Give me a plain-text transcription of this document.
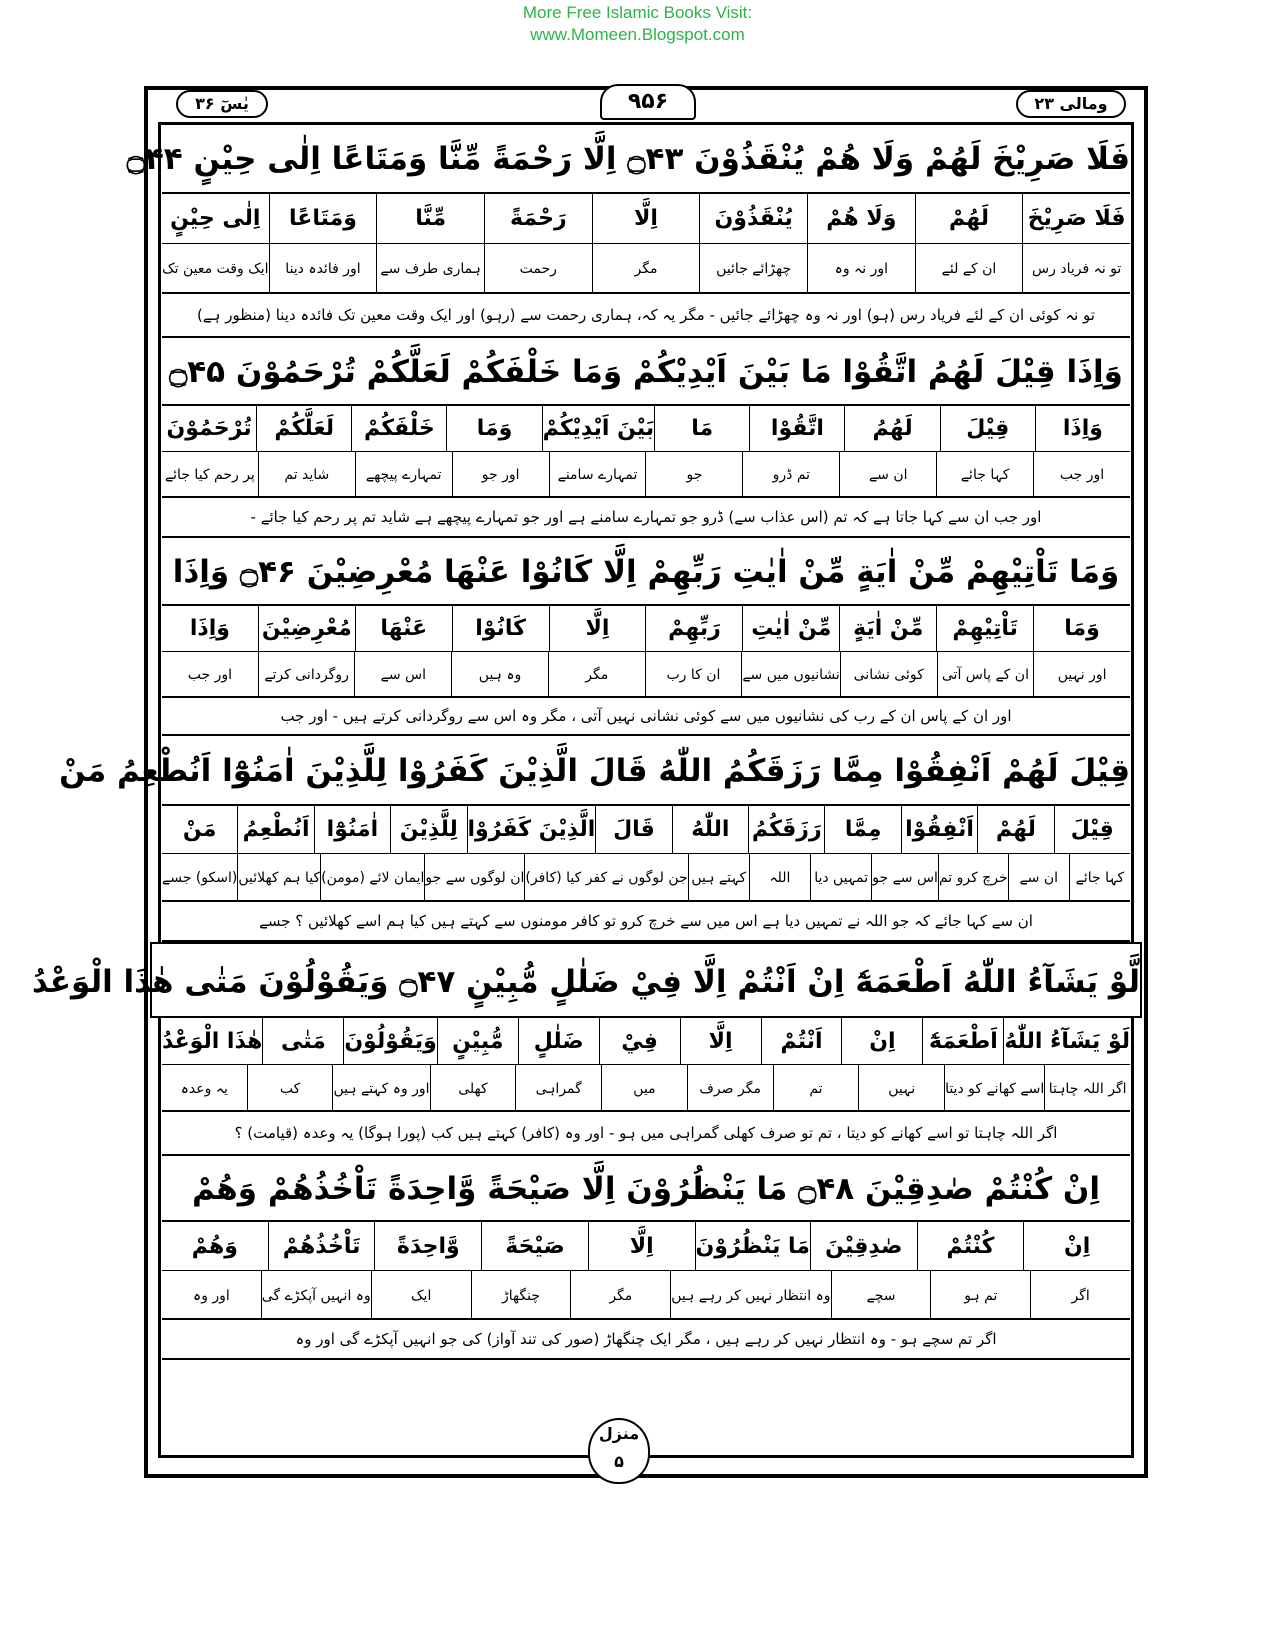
More Free Islamic Books Visit:
www.Momeen.Blogspot.com
یٰسٓ ۳۶	۹۵۶	ومالی ۲۳
فَلَا صَرِيْخَ لَهُمْ وَلَا هُمْ يُنْقَذُوْنَ ۝۴۳ اِلَّا رَحْمَةً مِّنَّا وَمَتَاعًا اِلٰى حِيْنٍ ۝۴۴
فَلَا صَرِيْخَ
لَهُمْ
وَلَا هُمْ
يُنْقَذُوْنَ
اِلَّا
رَحْمَةً
مِّنَّا
وَمَتَاعًا
اِلٰى حِيْنٍ
تو نہ فریاد رس
ان کے لئے
اور نہ وہ
چھڑائے جائیں
مگر
رحمت
ہماری طرف سے
اور فائدہ دینا
ایک وقت معین تک
تو نہ کوئی ان کے لئے فریاد رس (ہو) اور نہ وہ چھڑائے جائیں - مگر یہ کہ، ہماری رحمت سے (رہو) اور ایک وقت معین تک فائدہ دینا (منظور ہے)
وَاِذَا قِيْلَ لَهُمُ اتَّقُوْا مَا بَيْنَ اَيْدِيْكُمْ وَمَا خَلْفَكُمْ لَعَلَّكُمْ تُرْحَمُوْنَ ۝۴۵
وَاِذَا
قِيْلَ
لَهُمُ
اتَّقُوْا
مَا
بَيْنَ اَيْدِيْكُمْ
وَمَا
خَلْفَكُمْ
لَعَلَّكُمْ
تُرْحَمُوْنَ
اور جب
کہا جائے
ان سے
تم ڈرو
جو
تمہارے سامنے
اور جو
تمہارے پیچھے
شاید تم
پر رحم کیا جائے
اور جب ان سے کہا جاتا ہے کہ تم (اس عذاب سے) ڈرو جو تمہارے سامنے ہے اور جو تمہارے پیچھے ہے شاید تم پر رحم کیا جائے -
وَمَا تَاْتِيْهِمْ مِّنْ اٰيَةٍ مِّنْ اٰيٰتِ رَبِّهِمْ اِلَّا كَانُوْا عَنْهَا مُعْرِضِيْنَ ۝۴۶ وَاِذَا
وَمَا
تَاْتِيْهِمْ
مِّنْ اٰيَةٍ
مِّنْ اٰيٰتِ
رَبِّهِمْ
اِلَّا
كَانُوْا
عَنْهَا
مُعْرِضِيْنَ
وَاِذَا
اور نہیں
ان کے پاس آتی
کوئی نشانی
نشانیوں میں سے
ان کا رب
مگر
وہ ہیں
اس سے
روگردانی کرتے
اور جب
اور ان کے پاس ان کے رب کی نشانیوں میں سے کوئی نشانی نہیں آتی ، مگر وہ اس سے روگردانی کرتے ہیں - اور جب
قِيْلَ لَهُمْ اَنْفِقُوْا مِمَّا رَزَقَكُمُ اللّٰهُ قَالَ الَّذِيْنَ كَفَرُوْا لِلَّذِيْنَ اٰمَنُوْٓا اَنُطْعِمُ مَنْ
قِيْلَ
لَهُمْ
اَنْفِقُوْا
مِمَّا
رَزَقَكُمُ
اللّٰهُ
قَالَ
الَّذِيْنَ كَفَرُوْا
لِلَّذِيْنَ
اٰمَنُوْٓا
اَنُطْعِمُ
مَنْ
کہا جائے
ان سے
خرچ کرو تم
اس سے جو
تمہیں دیا
اللہ
کہتے ہیں
جن لوگوں نے کفر کیا (کافر)
ان لوگوں سے جو
ایمان لائے (مومن)
کیا ہم کھلائیں
(اسکو) جسے
ان سے کہا جائے کہ جو اللہ نے تمہیں دیا ہے اس میں سے خرچ کرو تو کافر مومنوں سے کہتے ہیں کیا ہم اسے کھلائیں ؟ جسے
لَّوْ يَشَآءُ اللّٰهُ اَطْعَمَهٗٓ اِنْ اَنْتُمْ اِلَّا فِيْ ضَلٰلٍ مُّبِيْنٍ ۝۴۷ وَيَقُوْلُوْنَ مَتٰى هٰذَا الْوَعْدُ
لَوْ يَشَآءُ اللّٰهُ
اَطْعَمَهٗٓ
اِنْ
اَنْتُمْ
اِلَّا
فِيْ
ضَلٰلٍ
مُّبِيْنٍ
وَيَقُوْلُوْنَ
مَتٰى
هٰذَا الْوَعْدُ
اگر اللہ چاہتا
اسے کھانے کو دیتا
نہیں
تم
مگر صرف
میں
گمراہی
کھلی
اور وہ کہتے ہیں
کب
یہ وعدہ
اگر اللہ چاہتا تو اسے کھانے کو دیتا ، تم تو صرف کھلی گمراہی میں ہو - اور وہ (کافر) کہتے ہیں کب (پورا ہوگا) یہ وعدہ (قیامت) ؟
اِنْ كُنْتُمْ صٰدِقِيْنَ ۝۴۸ مَا يَنْظُرُوْنَ اِلَّا صَيْحَةً وَّاحِدَةً تَاْخُذُهُمْ وَهُمْ
اِنْ
كُنْتُمْ
صٰدِقِيْنَ
مَا يَنْظُرُوْنَ
اِلَّا
صَيْحَةً
وَّاحِدَةً
تَاْخُذُهُمْ
وَهُمْ
اگر
تم ہو
سچے
وہ انتظار نہیں کر رہے ہیں
مگر
چنگھاڑ
ایک
وہ انہیں آپکڑے گی
اور وہ
اگر تم سچے ہو - وہ انتظار نہیں کر رہے ہیں ، مگر ایک چنگھاڑ (صور کی تند آواز) کی جو انہیں آپکڑے گی اور وہ
منزل
۵
